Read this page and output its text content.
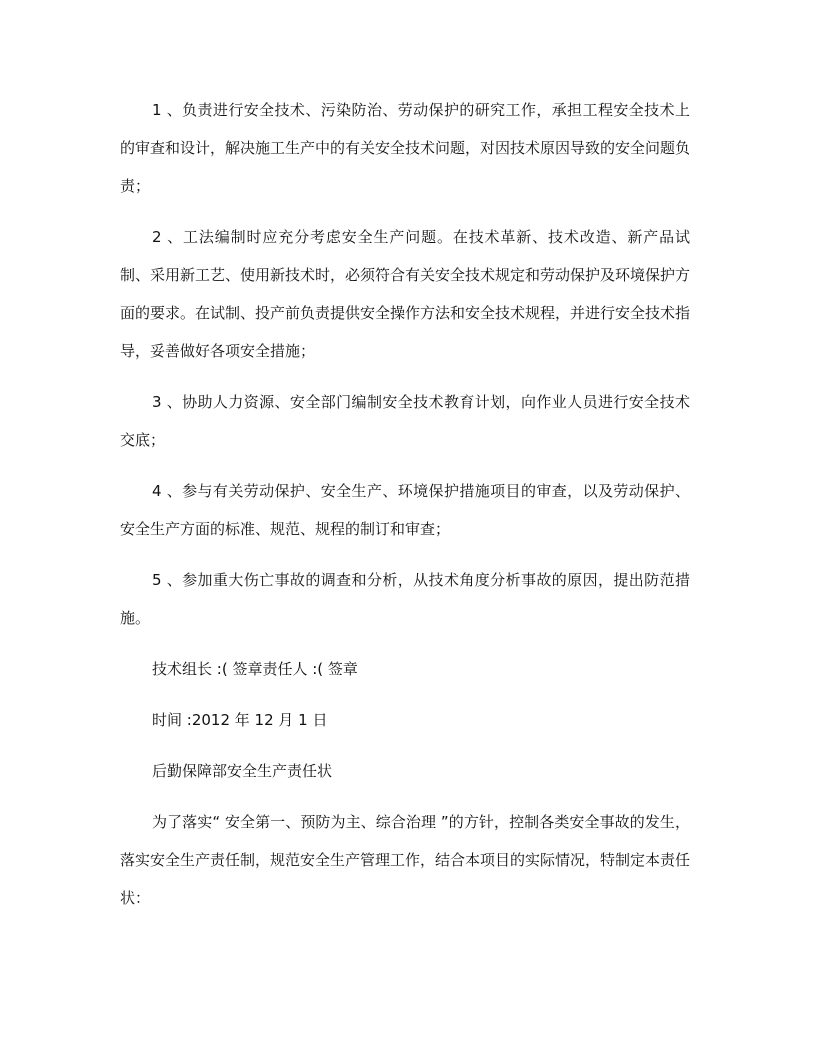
1 、负责进行安全技术、污染防治、劳动保护的研究工作，承担工程安全技术上的审查和设计，解决施工生产中的有关安全技术问题，对因技术原因导致的安全问题负责；

2 、工法编制时应充分考虑安全生产问题。在技术革新、技术改造、新产品试制、采用新工艺、使用新技术时，必须符合有关安全技术规定和劳动保护及环境保护方面的要求。在试制、投产前负责提供安全操作方法和安全技术规程，并进行安全技术指导，妥善做好各项安全措施；

3 、协助人力资源、安全部门编制安全技术教育计划，向作业人员进行安全技术交底；

4 、参与有关劳动保护、安全生产、环境保护措施项目的审查，以及劳动保护、安全生产方面的标准、规范、规程的制订和审查；

5 、参加重大伤亡事故的调查和分析，从技术角度分析事故的原因，提出防范措施。

技术组长 :( 签章责任人 :( 签章

时间 :2012 年 12 月 1 日

后勤保障部安全生产责任状

为了落实“ 安全第一、预防为主、综合治理 ”的方针，控制各类安全事故的发生，落实安全生产责任制，规范安全生产管理工作，结合本项目的实际情况，特制定本责任状：
